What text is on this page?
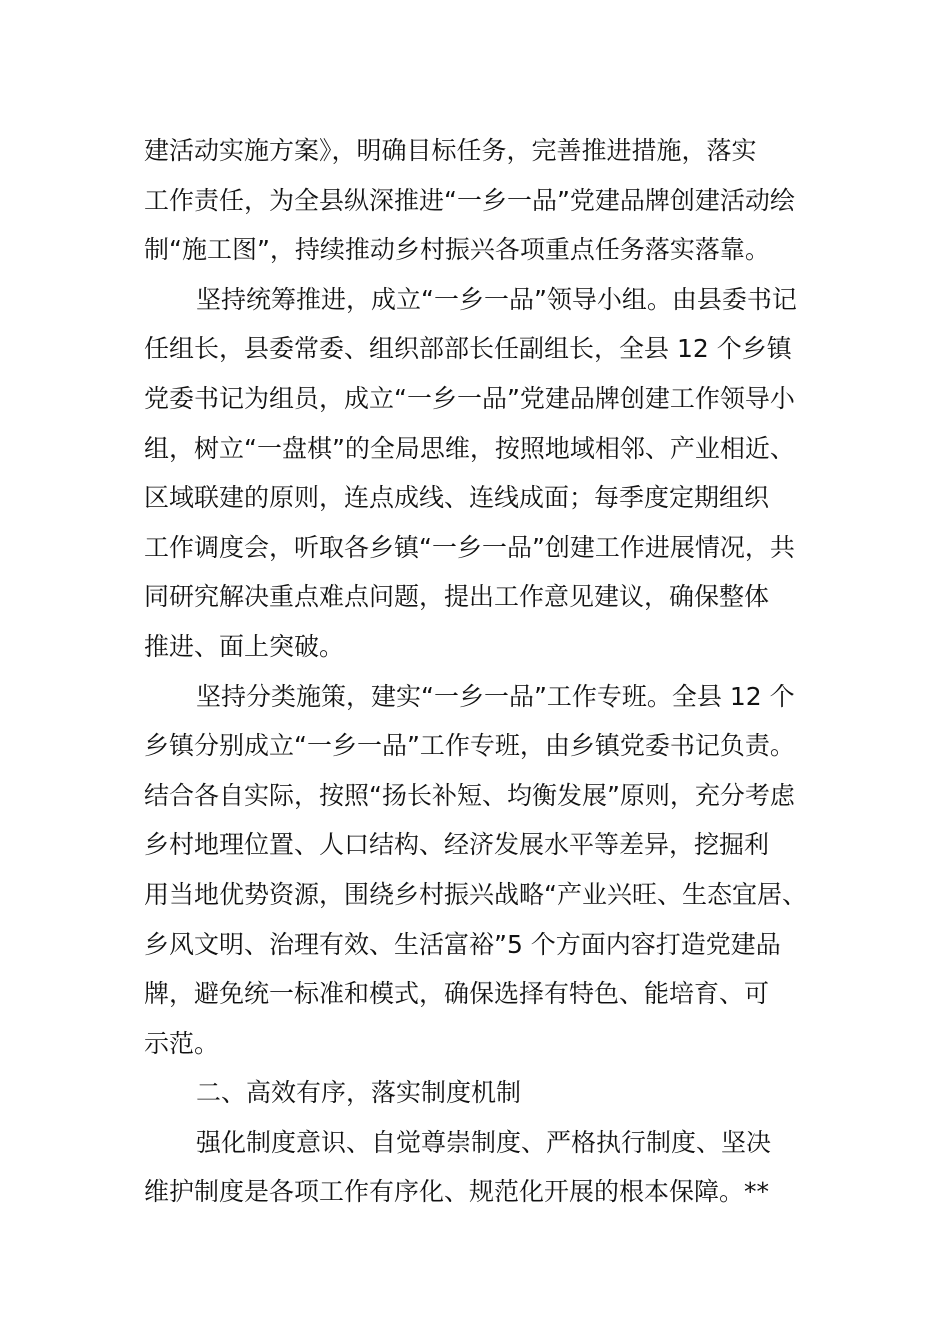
建活动实施方案》，明确目标任务，完善推进措施，落实
工作责任，为全县纵深推进“一乡一品”党建品牌创建活动绘
制“施工图”，持续推动乡村振兴各项重点任务落实落靠。
坚持统筹推进，成立“一乡一品”领导小组。由县委书记
任组长，县委常委、组织部部长任副组长，全县 12 个乡镇
党委书记为组员，成立“一乡一品”党建品牌创建工作领导小
组，树立“一盘棋”的全局思维，按照地域相邻、产业相近、
区域联建的原则，连点成线、连线成面；每季度定期组织
工作调度会，听取各乡镇“一乡一品”创建工作进展情况，共
同研究解决重点难点问题，提出工作意见建议，确保整体
推进、面上突破。
坚持分类施策，建实“一乡一品”工作专班。全县 12 个
乡镇分别成立“一乡一品”工作专班，由乡镇党委书记负责。
结合各自实际，按照“扬长补短、均衡发展”原则，充分考虑
乡村地理位置、人口结构、经济发展水平等差异，挖掘利
用当地优势资源，围绕乡村振兴战略“产业兴旺、生态宜居、
乡风文明、治理有效、生活富裕”5 个方面内容打造党建品
牌，避免统一标准和模式，确保选择有特色、能培育、可
示范。
二、高效有序，落实制度机制
强化制度意识、自觉尊崇制度、严格执行制度、坚决
维护制度是各项工作有序化、规范化开展的根本保障。**
